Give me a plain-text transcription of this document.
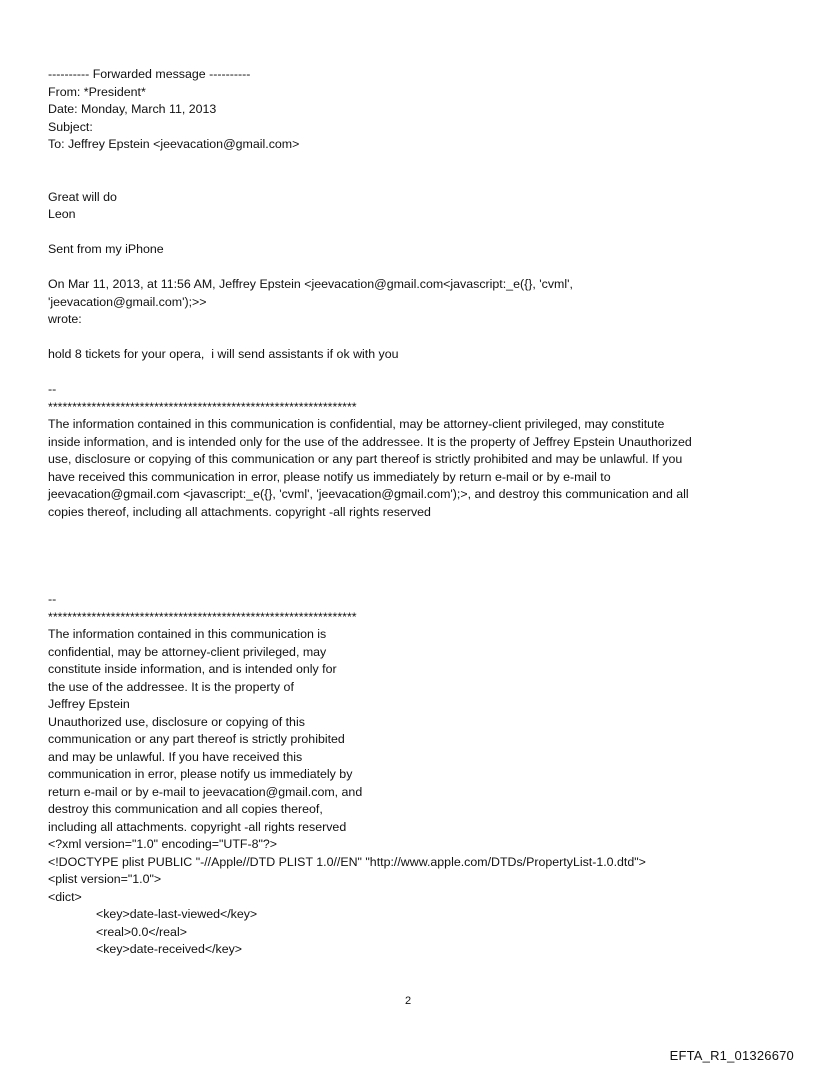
---------- Forwarded message ----------
From: *President*
Date: Monday, March 11, 2013
Subject:
To: Jeffrey Epstein <jeevacation@gmail.com>
Great will do
Leon
Sent from my iPhone
On Mar 11, 2013, at 11:56 AM, Jeffrey Epstein <jeevacation@gmail.com<javascript:_e({}, 'cvml',
'jeevacation@gmail.com');>>
wrote:
hold 8 tickets for your opera,  i will send assistants if ok with you
--
****************************************************************
The information contained in this communication is confidential, may be attorney-client privileged, may constitute
inside information, and is intended only for the use of the addressee. It is the property of Jeffrey Epstein Unauthorized
use, disclosure or copying of this communication or any part thereof is strictly prohibited and may be unlawful. If you
have received this communication in error, please notify us immediately by return e-mail or by e-mail to
jeevacation@gmail.com <javascript:_e({}, 'cvml', 'jeevacation@gmail.com');>, and destroy this communication and all
copies thereof, including all attachments. copyright -all rights reserved
--
****************************************************************
The information contained in this communication is
confidential, may be attorney-client privileged, may
constitute inside information, and is intended only for
the use of the addressee. It is the property of
Jeffrey Epstein
Unauthorized use, disclosure or copying of this
communication or any part thereof is strictly prohibited
and may be unlawful. If you have received this
communication in error, please notify us immediately by
return e-mail or by e-mail to jeevacation@gmail.com, and
destroy this communication and all copies thereof,
including all attachments. copyright -all rights reserved
<?xml version="1.0" encoding="UTF-8"?>
<!DOCTYPE plist PUBLIC "-//Apple//DTD PLIST 1.0//EN" "http://www.apple.com/DTDs/PropertyList-1.0.dtd">
<plist version="1.0">
<dict>
<key>date-last-viewed</key>
<real>0.0</real>
<key>date-received</key>
2
EFTA_R1_01326670
